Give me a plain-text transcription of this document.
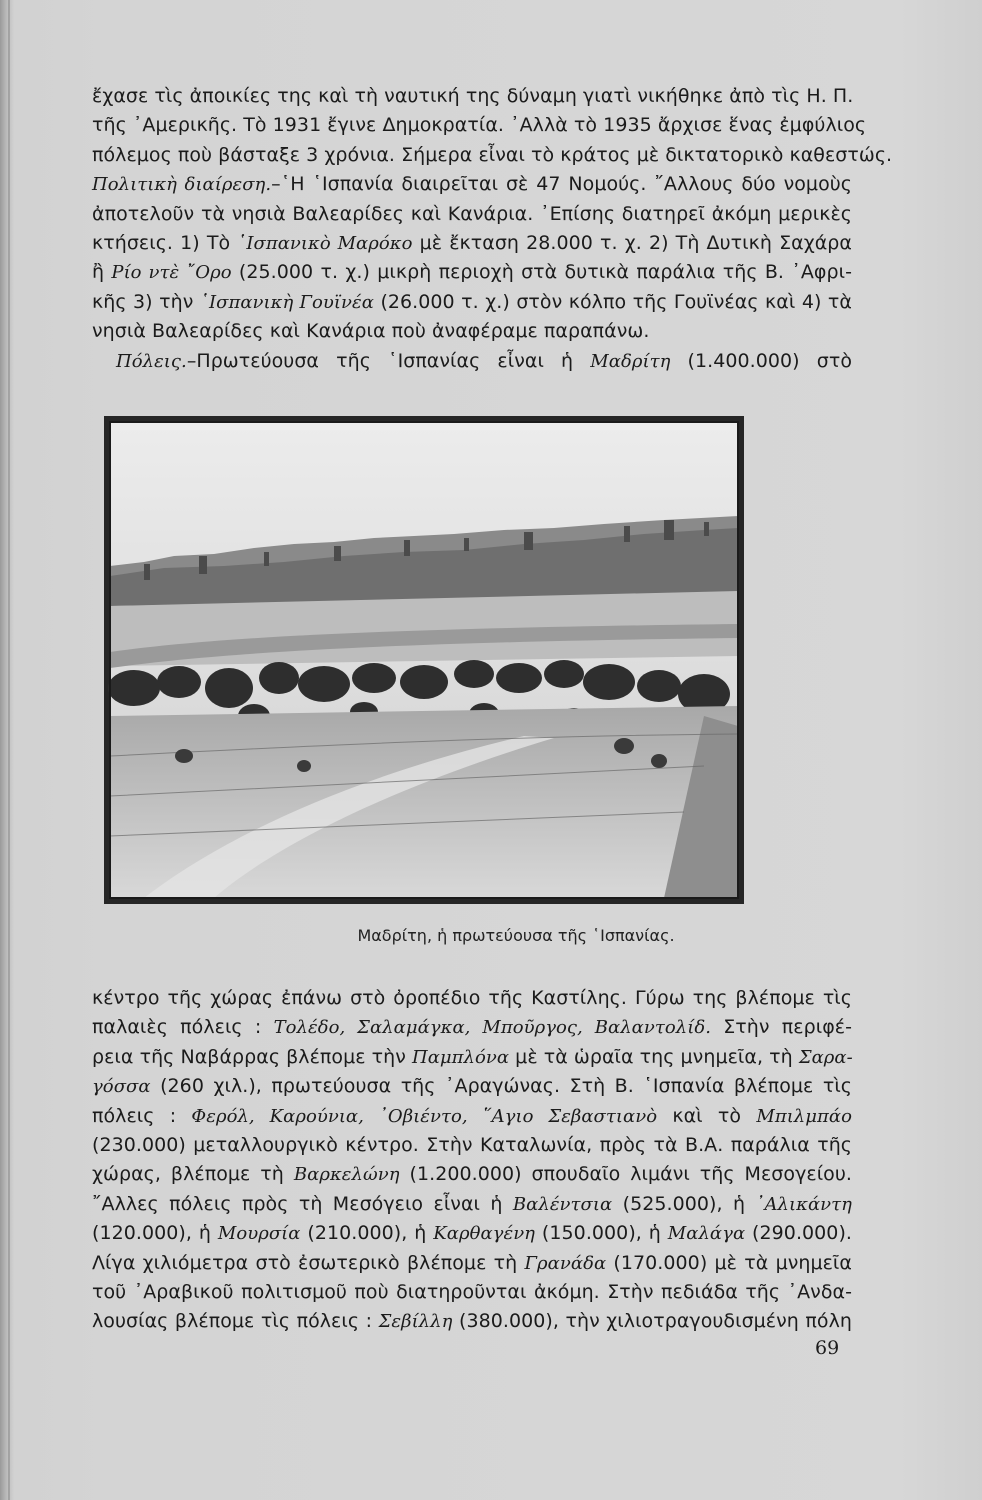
ἔχασε τὶς ἀποικίες της καὶ τὴ ναυτική της δύναμη γιατὶ νικήθηκε ἀπὸ τὶς Η. Π.
τῆς ᾿Αμερικῆς. Τὸ 1931 ἔγινε Δημοκρατία. ᾿Αλλὰ τὸ 1935 ἄρχισε ἕνας ἐμφύλιος
πόλεμος ποὺ βάσταξε 3 χρόνια. Σήμερα εἶναι τὸ κράτος μὲ δικτατορικὸ καθεστώς.
Πολιτικὴ διαίρεση.–῾Η ῾Ισπανία διαιρεῖται σὲ 47 Νομούς. ῎Αλλους δύο νομοὺς
ἀποτελοῦν τὰ νησιὰ Βαλεαρίδες καὶ Κανάρια. ᾿Επίσης διατηρεῖ ἀκόμη μερικὲς
κτήσεις. 1) Τὸ ῾Ισπανικὸ Μαρόκο μὲ ἔκταση 28.000 τ. χ. 2) Τὴ Δυτικὴ Σαχάρα
ἢ Ρίο ντὲ ῎Ορο (25.000 τ. χ.) μικρὴ περιοχὴ στὰ δυτικὰ παράλια τῆς Β. ᾿Αφρι-
κῆς 3) τὴν ῾Ισπανικὴ Γουϊνέα (26.000 τ. χ.) στὸν κόλπο τῆς Γουϊνέας καὶ 4) τὰ
νησιὰ Βαλεαρίδες καὶ Κανάρια ποὺ ἀναφέραμε παραπάνω.
Πόλεις.–Πρωτεύουσα τῆς ῾Ισπανίας εἶναι ἡ Μαδρίτη (1.400.000) στὸ
Μαδρίτη, ἡ πρωτεύουσα τῆς ῾Ισπανίας.
κέντρο τῆς χώρας ἐπάνω στὸ ὀροπέδιο τῆς Καστίλης. Γύρω της βλέπομε τὶς
παλαιὲς πόλεις : Τολέδο, Σαλαμάγκα, Μποῦργος, Βαλαντολίδ. Στὴν περιφέ-
ρεια τῆς Ναβάρρας βλέπομε τὴν Παμπλόνα μὲ τὰ ὡραῖα της μνημεῖα, τὴ Σαρα-
γόσσα (260 χιλ.), πρωτεύουσα τῆς ᾿Αραγώνας. Στὴ Β. ῾Ισπανία βλέπομε τὶς
πόλεις : Φερόλ, Καρούνια, ᾿Οβιέντο, ῞Αγιο Σεβαστιανὸ καὶ τὸ Μπιλμπάο
(230.000) μεταλλουργικὸ κέντρο. Στὴν Καταλωνία, πρὸς τὰ Β.Α. παράλια τῆς
χώρας, βλέπομε τὴ Βαρκελώνη (1.200.000) σπουδαῖο λιμάνι τῆς Μεσογείου.
῎Αλλες πόλεις πρὸς τὴ Μεσόγειο εἶναι ἡ Βαλέντσια (525.000), ἡ ᾿Αλικάντη
(120.000), ἡ Μουρσία (210.000), ἡ Καρθαγένη (150.000), ἡ Μαλάγα (290.000).
Λίγα χιλιόμετρα στὸ ἐσωτερικὸ βλέπομε τὴ Γρανάδα (170.000) μὲ τὰ μνημεῖα
τοῦ ᾿Αραβικοῦ πολιτισμοῦ ποὺ διατηροῦνται ἀκόμη. Στὴν πεδιάδα τῆς ᾿Ανδα-
λουσίας βλέπομε τὶς πόλεις : Σεβίλλη (380.000), τὴν χιλιοτραγουδισμένη πόλη
69
